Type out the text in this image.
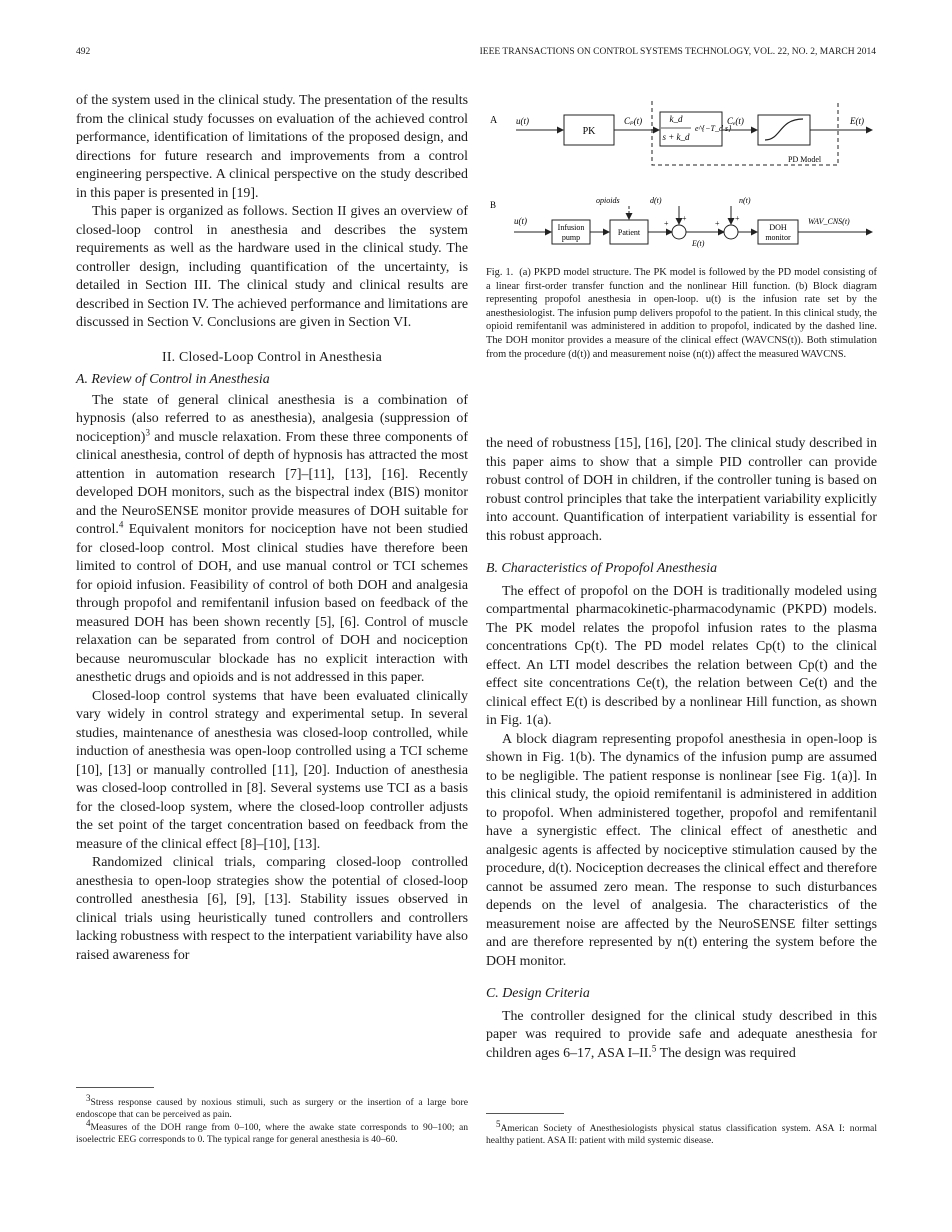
492	IEEE TRANSACTIONS ON CONTROL SYSTEMS TECHNOLOGY, VOL. 22, NO. 2, MARCH 2014

of the system used in the clinical study. The presentation of the results from the clinical study focusses on evaluation of the achieved control performance, identification of limitations of the proposed design, and directions for future research and improvements from a control engineering perspective. A clinical perspective on the study described in this paper is presented in [19].

This paper is organized as follows. Section II gives an overview of closed-loop control in anesthesia and describes the system requirements as well as the hardware used in the clinical study. The controller design, including quantification of the uncertainty, is detailed in Section III. The clinical study and clinical results are described in Section IV. The achieved performance and limitations are discussed in Section V. Conclusions are given in Section VI.

II. Closed-Loop Control in Anesthesia
A. Review of Control in Anesthesia

The state of general clinical anesthesia is a combination of hypnosis (also referred to as anesthesia), analgesia (suppression of nociception)$^3$ and muscle relaxation. From these three components of clinical anesthesia, control of depth of hypnosis has attracted the most attention in automation research [7]–[11], [13], [16]. Recently developed DOH monitors, such as the bispectral index (BIS) monitor and the NeuroSENSE monitor provide measures of DOH suitable for control.$^4$ Equivalent monitors for nociception have not been studied for closed-loop control. Most clinical studies have therefore been limited to control of DOH, and use manual control or TCI schemes for opioid infusion. Feasibility of control of both DOH and analgesia through propofol and remifentanil infusion based on feedback of the measured DOH has been shown recently [5], [6]. Control of muscle relaxation can be separated from control of DOH and nociception because neuromuscular blockade has no explicit interaction with anesthetic drugs and opioids and is not addressed in this paper.

Closed-loop control systems that have been evaluated clinically vary widely in control strategy and experimental setup. In several studies, maintenance of anesthesia was closed-loop controlled, while induction of anesthesia was open-loop controlled using a TCI scheme [10], [13] or manually controlled [11], [20]. Induction of anesthesia was closed-loop controlled in [8]. Several systems use TCI as a basis for the closed-loop system, where the closed-loop controller adjusts the set point of the target concentration based on feedback from the measure of the clinical effect [8]–[10], [13].

Randomized clinical trials, comparing closed-loop controlled anesthesia to open-loop strategies show the potential of closed-loop controlled anesthesia [6], [9], [13]. Stability issues observed in clinical trials using heuristically tuned controllers and controllers lacking robustness with respect to the interpatient variability have also raised awareness for

$^3$Stress response caused by noxious stimuli, such as surgery or the insertion of a large bore endoscope that can be perceived as pain.

$^4$Measures of the DOH range from 0–100, where the awake state corresponds to 90–100; an isoelectric EEG corresponds to 0. The typical range for general anesthesia is 40–60.

A u(t)
PK
Cₚ(t)	k_d
s + k_d
e^{−T_d s}
Cₑ(t)	E(t)
PD Model
B
u(t)
Infusion
pump
Patient
opioids	d(t)
+
+
E(t)
n(t)
+
+
DOH
monitor
WAV_CNS(t)
Fig. 1. (a) PKPD model structure. The PK model is followed by the PD model consisting of a linear first-order transfer function and the nonlinear Hill function. (b) Block diagram representing propofol anesthesia in open-loop. u(t) is the infusion rate set by the anesthesiologist. The infusion pump delivers propofol to the patient. In this clinical study, the opioid remifentanil was administered in addition to propofol, indicated by the dashed line. The DOH monitor provides a measure of the clinical effect (WAVCNS(t)). Both stimulation from the procedure (d(t)) and measurement noise (n(t)) affect the measured WAVCNS.

the need of robustness [15], [16], [20]. The clinical study described in this paper aims to show that a simple PID controller can provide robust control of DOH in children, if the controller tuning is based on robust control principles that take the interpatient variability explicitly into account. Quantification of interpatient variability is essential for this robust approach.

B. Characteristics of Propofol Anesthesia

The effect of propofol on the DOH is traditionally modeled using compartmental pharmacokinetic-pharmacodynamic (PKPD) models. The PK model relates the propofol infusion rates to the plasma concentrations Cp(t). The PD model relates Cp(t) to the clinical effect. An LTI model describes the relation between Cp(t) and the effect site concentrations Ce(t), the relation between Ce(t) and the clinical effect E(t) is described by a nonlinear Hill function, as shown in Fig. 1(a).

A block diagram representing propofol anesthesia in open-loop is shown in Fig. 1(b). The dynamics of the infusion pump are assumed to be negligible. The patient response is nonlinear [see Fig. 1(a)]. In this clinical study, the opioid remifentanil is administered in addition to propofol. When administered together, propofol and remifentanil have a synergistic effect. The clinical effect of anesthetic and analgesic agents is affected by nociceptive stimulation caused by the procedure, d(t). Nociception decreases the clinical effect and therefore cannot be assumed zero mean. The response to such disturbances depends on the level of analgesia. The characteristics of the measurement noise are affected by the NeuroSENSE filter settings and are therefore represented by n(t) entering the system before the DOH monitor.

C. Design Criteria

The controller designed for the clinical study described in this paper was required to provide safe and adequate anesthesia for children ages 6–17, ASA I–II.$^5$ The design was required

$^5$American Society of Anesthesiologists physical status classification system. ASA I: normal healthy patient. ASA II: patient with mild systemic disease.
